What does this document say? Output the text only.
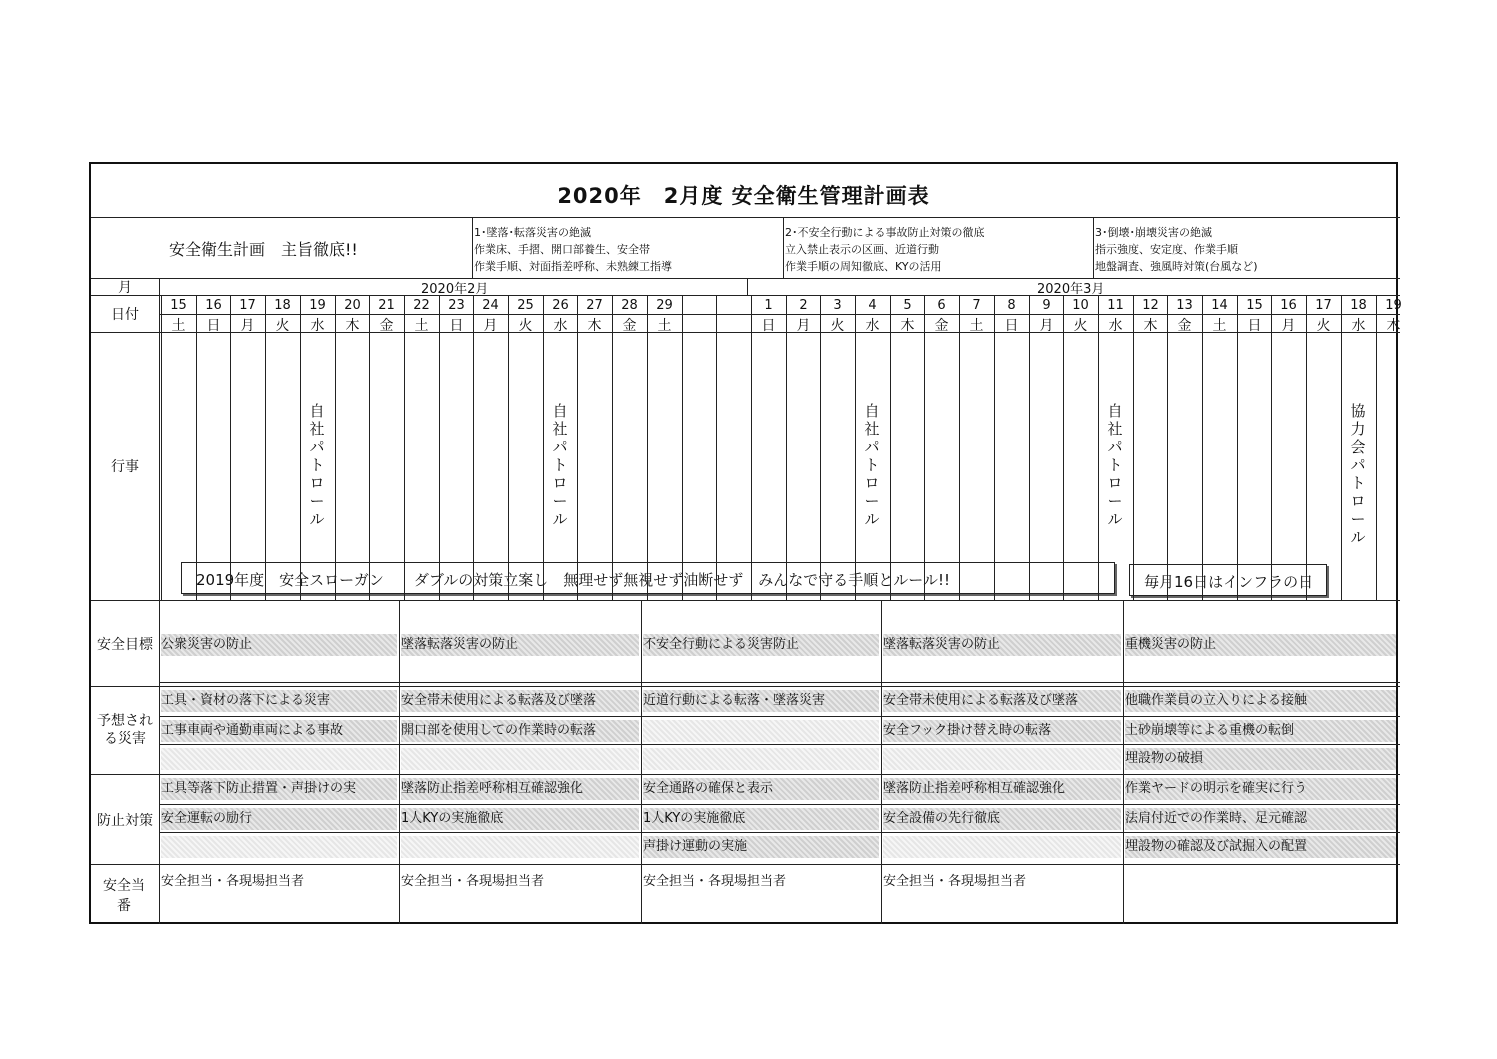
2020年　2月度 安全衛生管理計画表
安全衛生計画　主旨徹底!!
1･墜落･転落災害の絶滅
作業床、手摺、開口部養生、安全帯
作業手順、対面指差呼称、未熟練工指導
2･不安全行動による事故防止対策の徹底
立入禁止表示の区画、近道行動
作業手順の周知徹底、KYの活用
3･倒壊･崩壊災害の絶滅
指示強度、安定度、作業手順
地盤調査、強風時対策(台風など)
月
日付
行事
安全目標
予想される災害
防止対策
安全当番
2020年2月	2020年3月
2019年度　安全スローガン　　ダブルの対策立案し　無理せず無視せず油断せず　みんなで守る手順とルール!!	毎月16日はインフラの日
15
土
16
日
17
月
18
火
19
水
20
木
21
金
22
土
23
日
24
月
25
火
26
水
27
木
28
金
29
土
1
日
2
月
3
火
4
水
5
木
6
金
7
土
8
日
9
月
10
火
11
水
12
木
13
金
14
土
15
日
16
月
17
火
18
水
19
木
自社パトロール
自社パトロール
自社パトロール
自社パトロール
協力会パトロール
公衆災害の防止
工具・資材の落下による災害
工事車両や通勤車両による事故
工具等落下防止措置・声掛けの実
安全運転の励行
安全担当・各現場担当者
墜落転落災害の防止
安全帯未使用による転落及び墜落
開口部を使用しての作業時の転落
墜落防止指差呼称相互確認強化
1人KYの実施徹底
安全担当・各現場担当者
不安全行動による災害防止
近道行動による転落・墜落災害
安全通路の確保と表示
1人KYの実施徹底
声掛け運動の実施
安全担当・各現場担当者
墜落転落災害の防止
安全帯未使用による転落及び墜落
安全フック掛け替え時の転落
墜落防止指差呼称相互確認強化
安全設備の先行徹底
安全担当・各現場担当者
重機災害の防止
他職作業員の立入りによる接触
土砂崩壊等による重機の転倒
埋設物の破損
作業ヤードの明示を確実に行う
法肩付近での作業時、足元確認
埋設物の確認及び試掘入の配置
